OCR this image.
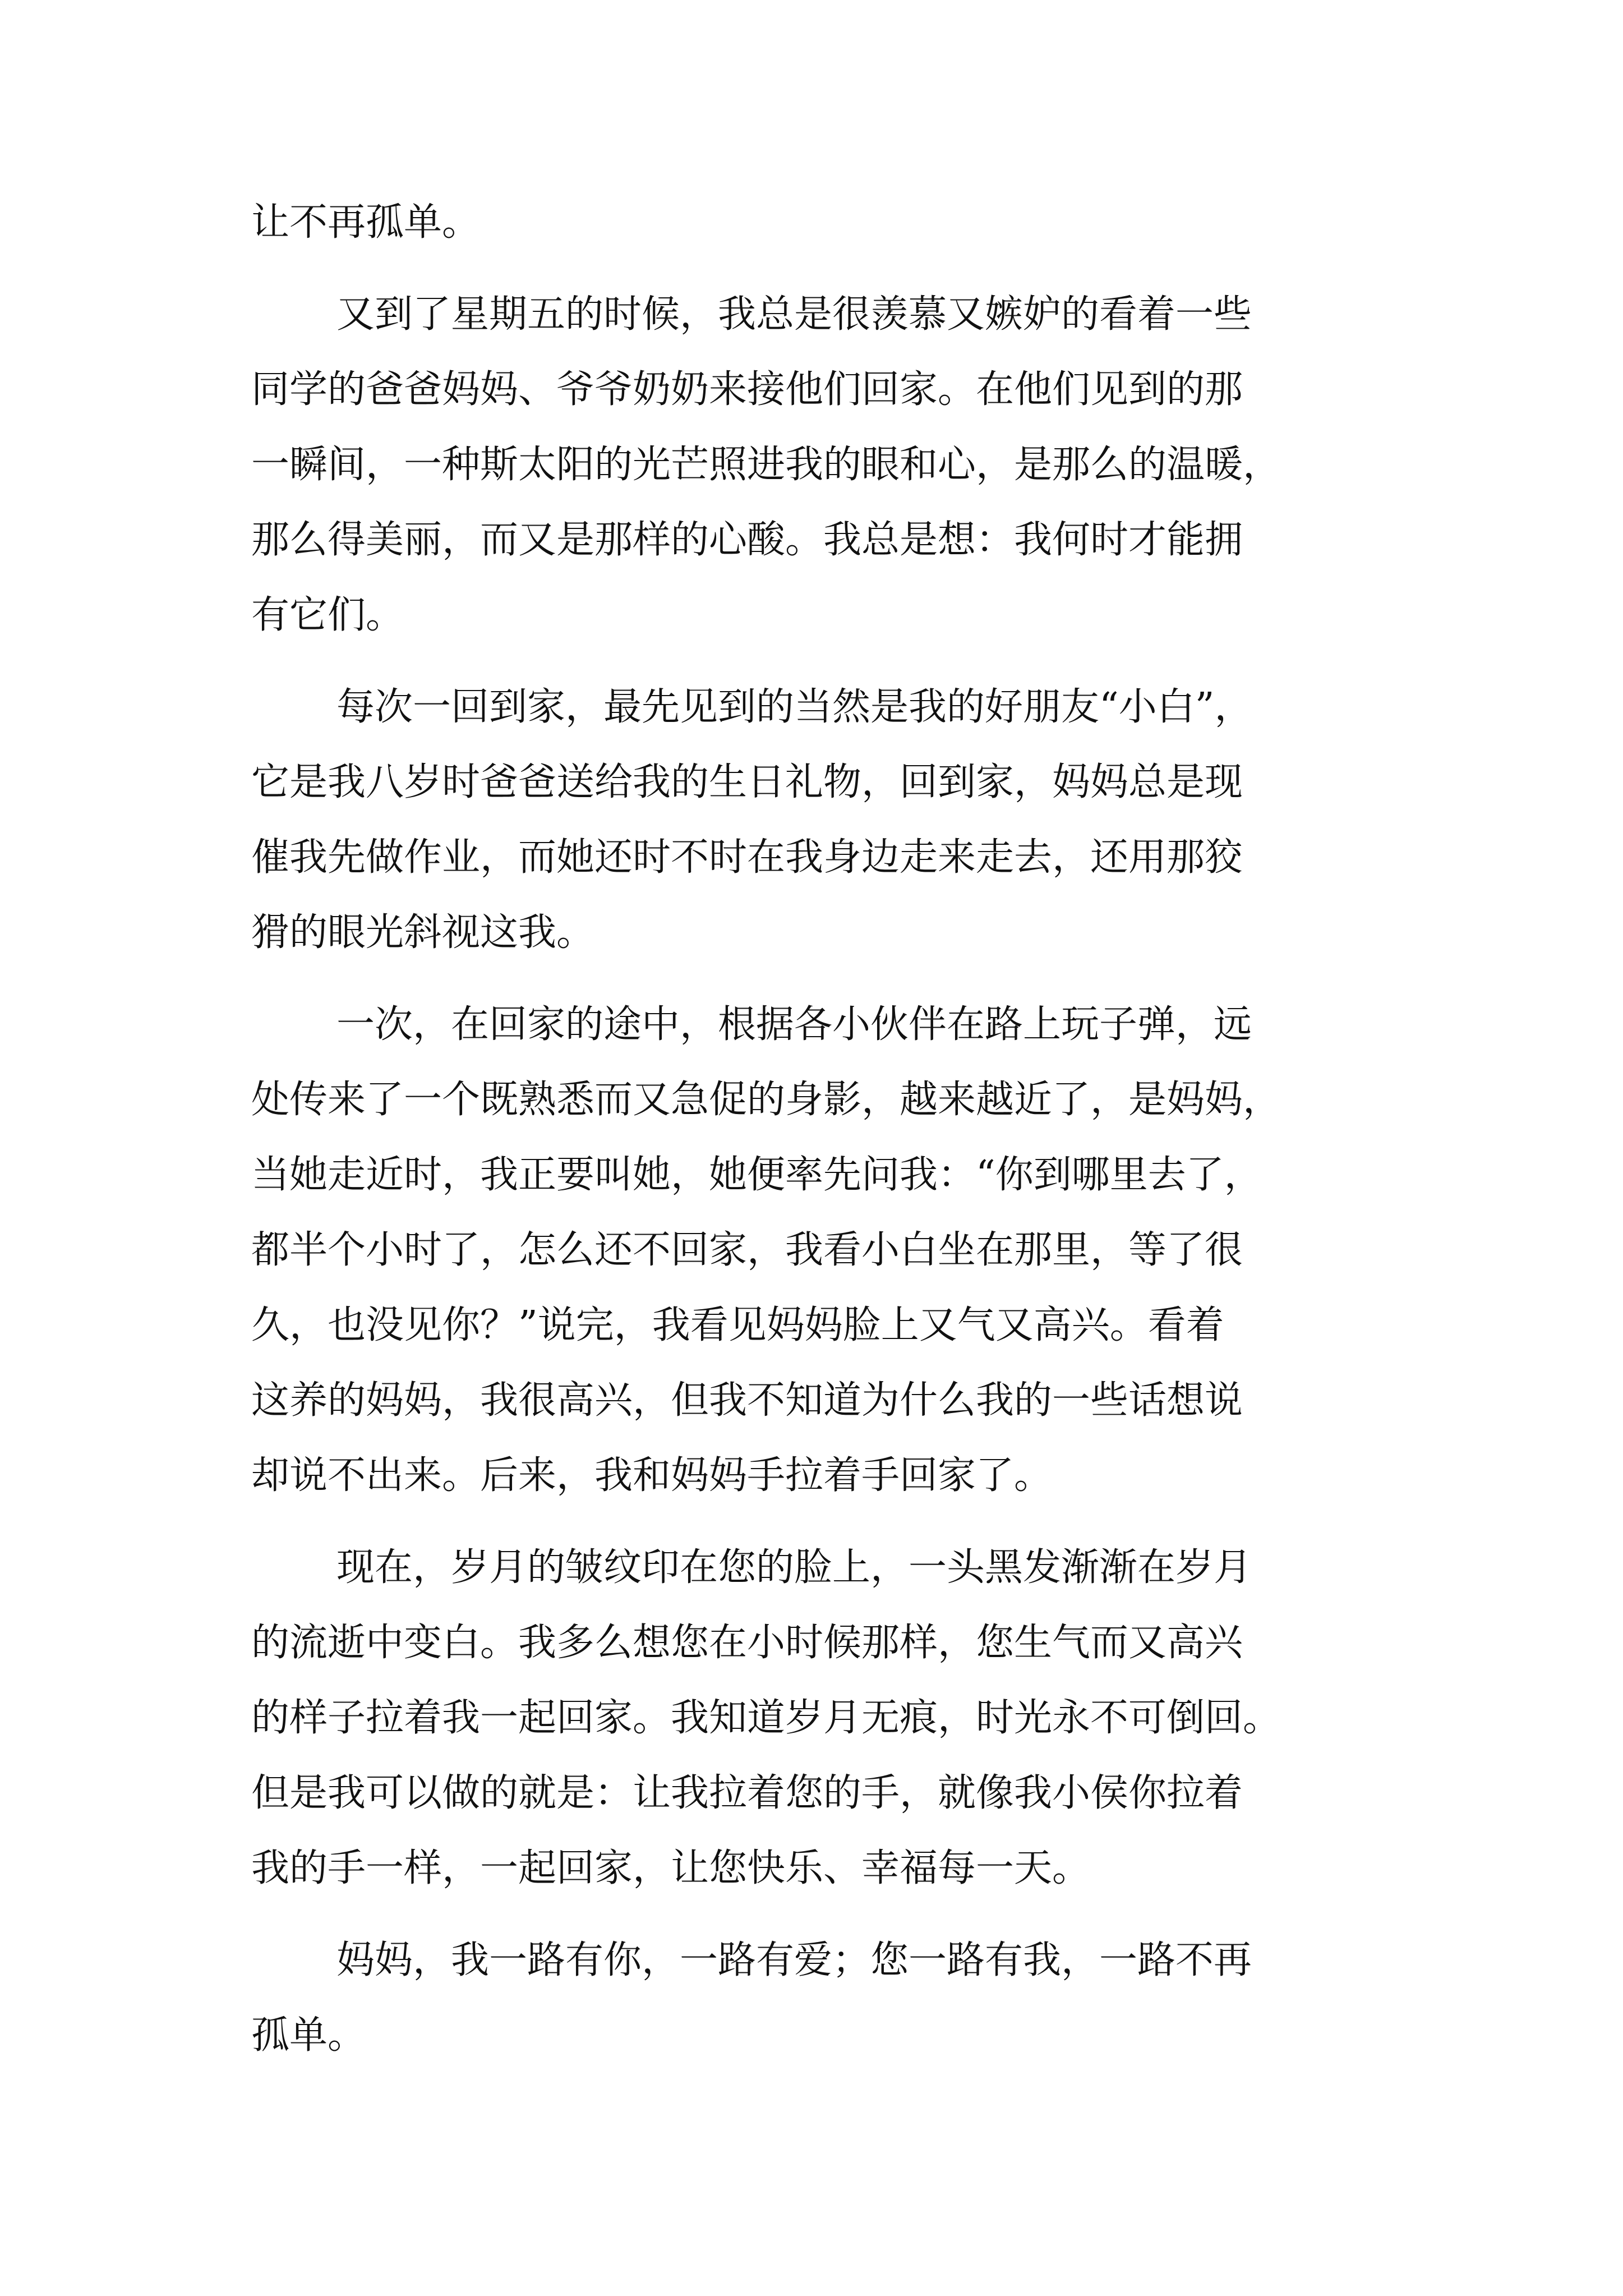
让不再孤单。
又到了星期五的时候，我总是很羡慕又嫉妒的看着一些
同学的爸爸妈妈、爷爷奶奶来接他们回家。在他们见到的那
一瞬间，一种斯太阳的光芒照进我的眼和心，是那么的温暖，
那么得美丽，而又是那样的心酸。我总是想：我何时才能拥
有它们。
每次一回到家，最先见到的当然是我的好朋友“小白”，
它是我八岁时爸爸送给我的生日礼物，回到家，妈妈总是现
催我先做作业，而她还时不时在我身边走来走去，还用那狡
猾的眼光斜视这我。
一次，在回家的途中，根据各小伙伴在路上玩子弹，远
处传来了一个既熟悉而又急促的身影，越来越近了，是妈妈，
当她走近时，我正要叫她，她便率先问我：“你到哪里去了，
都半个小时了，怎么还不回家，我看小白坐在那里，等了很
久，也没见你？”说完，我看见妈妈脸上又气又高兴。看着
这养的妈妈，我很高兴，但我不知道为什么我的一些话想说
却说不出来。后来，我和妈妈手拉着手回家了。
现在，岁月的皱纹印在您的脸上，一头黑发渐渐在岁月
的流逝中变白。我多么想您在小时候那样，您生气而又高兴
的样子拉着我一起回家。我知道岁月无痕，时光永不可倒回。
但是我可以做的就是：让我拉着您的手，就像我小侯你拉着
我的手一样，一起回家，让您快乐、幸福每一天。
妈妈，我一路有你，一路有爱；您一路有我，一路不再
孤单。
